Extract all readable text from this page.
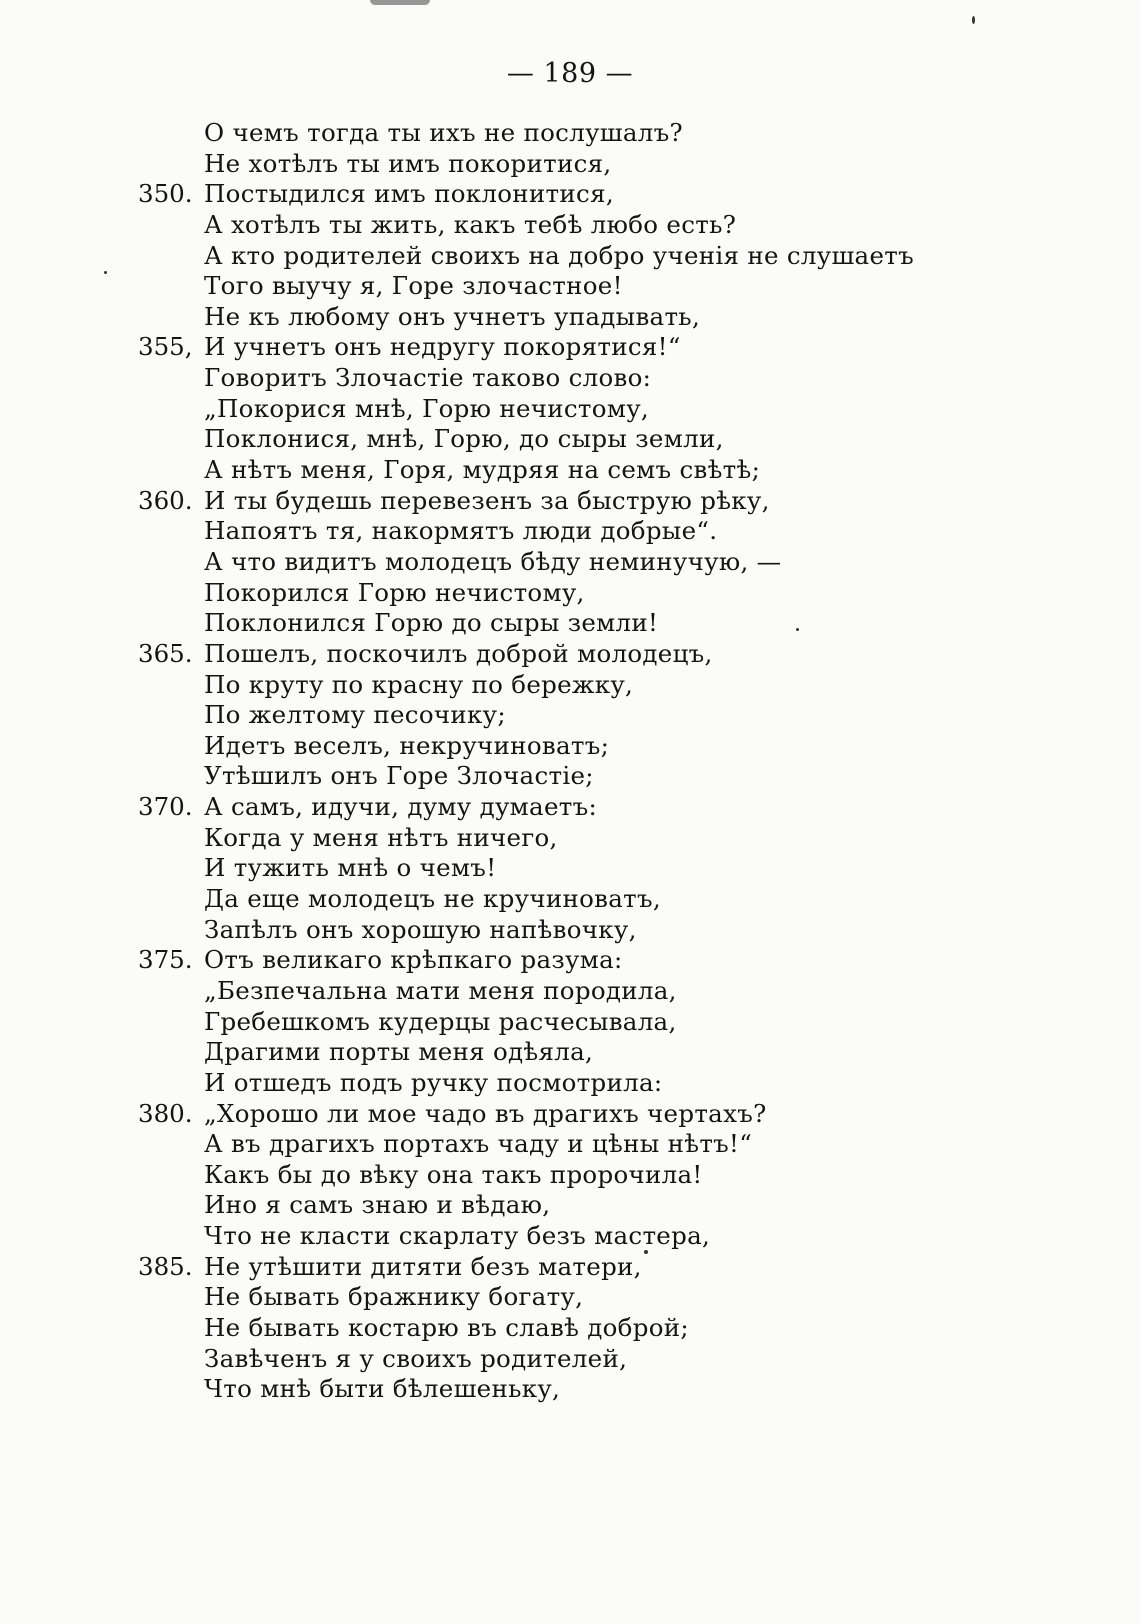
— 189 —
О чемъ тогда ты ихъ не послушалъ?
Не хотѣлъ ты имъ покоритися,
350. Постыдился имъ поклонитися,
А хотѣлъ ты жить, какъ тебѣ любо есть?
А кто родителей своихъ на добро ученія не слушаетъ
Того выучу я, Горе злочастное!
Не къ любому онъ учнетъ упадывать,
355, И учнетъ онъ недругу покорятися!“
Говоритъ Злочастіе таково слово:
„Покорися мнѣ, Горю нечистому,
Поклонися, мнѣ, Горю, до сыры земли,
А нѣтъ меня, Горя, мудряя на семъ свѣтѣ;
360. И ты будешь перевезенъ за быструю рѣку,
Напоятъ тя, накормятъ люди добрые“.
А что видитъ молодецъ бѣду неминучую, —
Покорился Горю нечистому,
Поклонился Горю до сыры земли!
365. Пошелъ, поскочилъ доброй молодецъ,
По круту по красну по бережку,
По желтому песочику;
Идетъ веселъ, некручиноватъ;
Утѣшилъ онъ Горе Злочастіе;
370. А самъ, идучи, думу думаетъ:
Когда у меня нѣтъ ничего,
И тужить мнѣ о чемъ!
Да еще молодецъ не кручиноватъ,
Запѣлъ онъ хорошую напѣвочку,
375. Отъ великаго крѣпкаго разума:
„Безпечальна мати меня породила,
Гребешкомъ кудерцы расчесывала,
Драгими порты меня одѣяла,
И отшедъ подъ ручку посмотрила:
380. „Хорошо ли мое чадо въ драгихъ чертахъ?
А въ драгихъ портахъ чаду и цѣны нѣтъ!“
Какъ бы до вѣку она такъ пророчила!
Ино я самъ знаю и вѣдаю,
Что не класти скарлату безъ мастера,
385. Не утѣшити дитяти безъ матери,
Не бывать бражнику богату,
Не бывать костарю въ славѣ доброй;
Завѣченъ я у своихъ родителей,
Что мнѣ быти бѣлешеньку,
